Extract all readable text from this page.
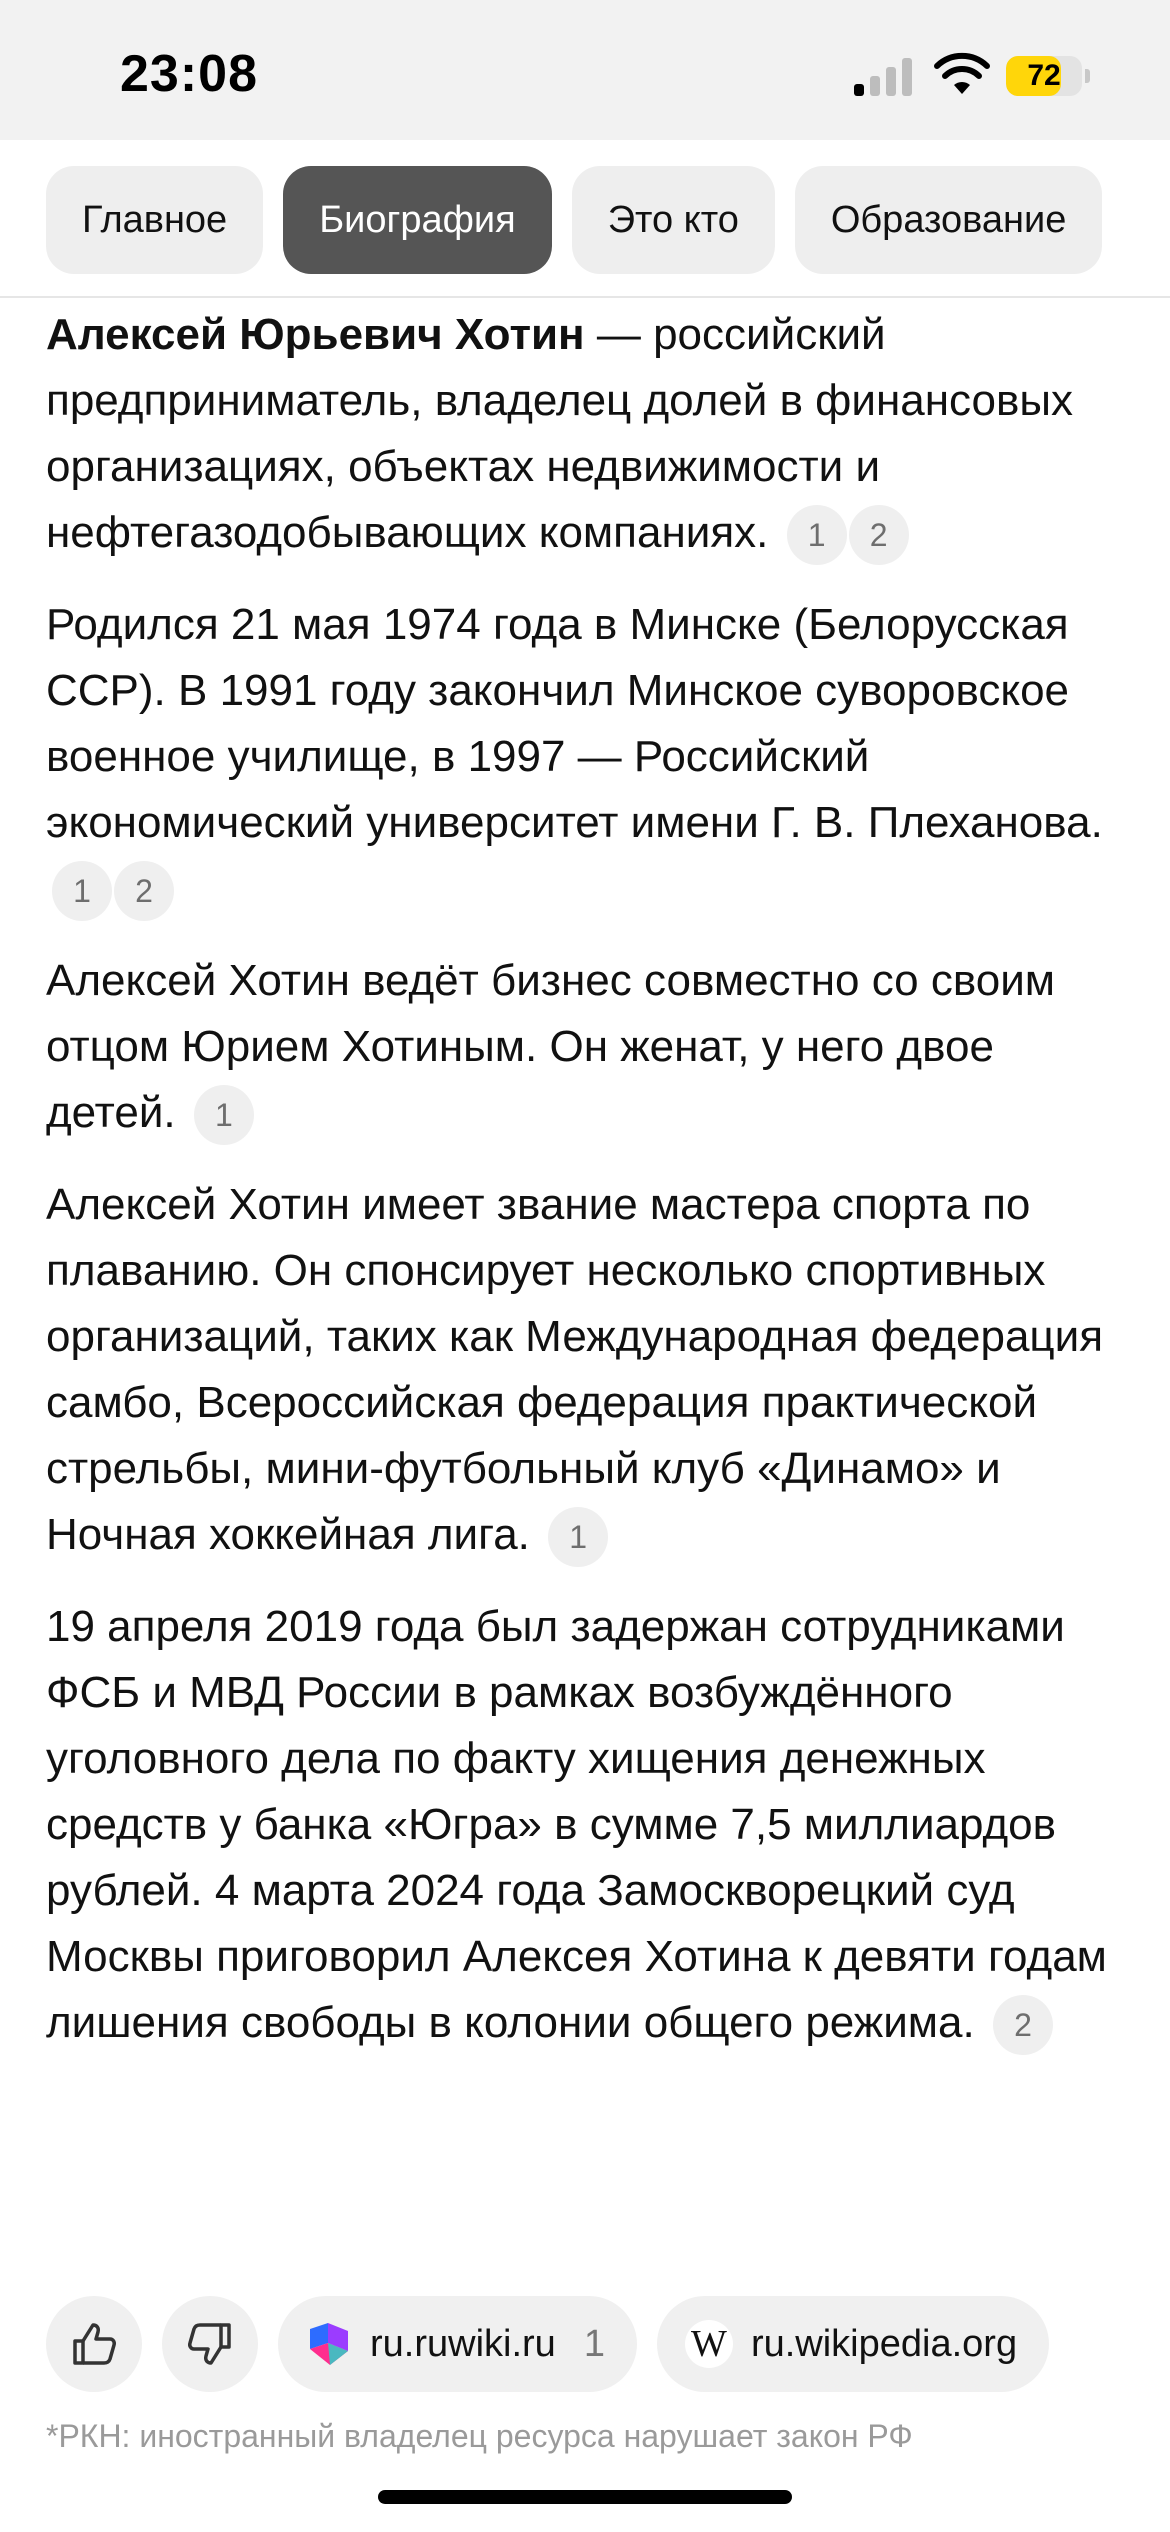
23:08	72
Главное	Биография	Это кто	Образование

Алексей Юрьевич Хотин — российский предприниматель, владелец долей в финансовых организациях, объектах недвижимости и нефтегазодобывающих компаниях. 1 2

Родился 21 мая 1974 года в Минске (Белорусская ССР). В 1991 году закончил Минское суворовское военное училище, в 1997 — Российский экономический университет имени Г. В. Плеханова. 1 2

Алексей Хотин ведёт бизнес совместно со своим отцом Юрием Хотиным. Он женат, у него двое детей. 1

Алексей Хотин имеет звание мастера спорта по плаванию. Он спонсирует несколько спортивных организаций, таких как Международная федерация самбо, Всероссийская федерация практической стрельбы, мини-футбольный клуб «Динамо» и Ночная хоккейная лига. 1

19 апреля 2019 года был задержан сотрудниками ФСБ и МВД России в рамках возбуждённого уголовного дела по факту хищения денежных средств у банка «Югра» в сумме 7,5 миллиардов рублей. 4 марта 2024 года Замоскворецкий суд Москвы приговорил Алексея Хотина к девяти годам лишения свободы в колонии общего режима. 2

ru.ruwiki.ru 1 W ru.wikipedia.org
*РКН: иностранный владелец ресурса нарушает закон РФ
